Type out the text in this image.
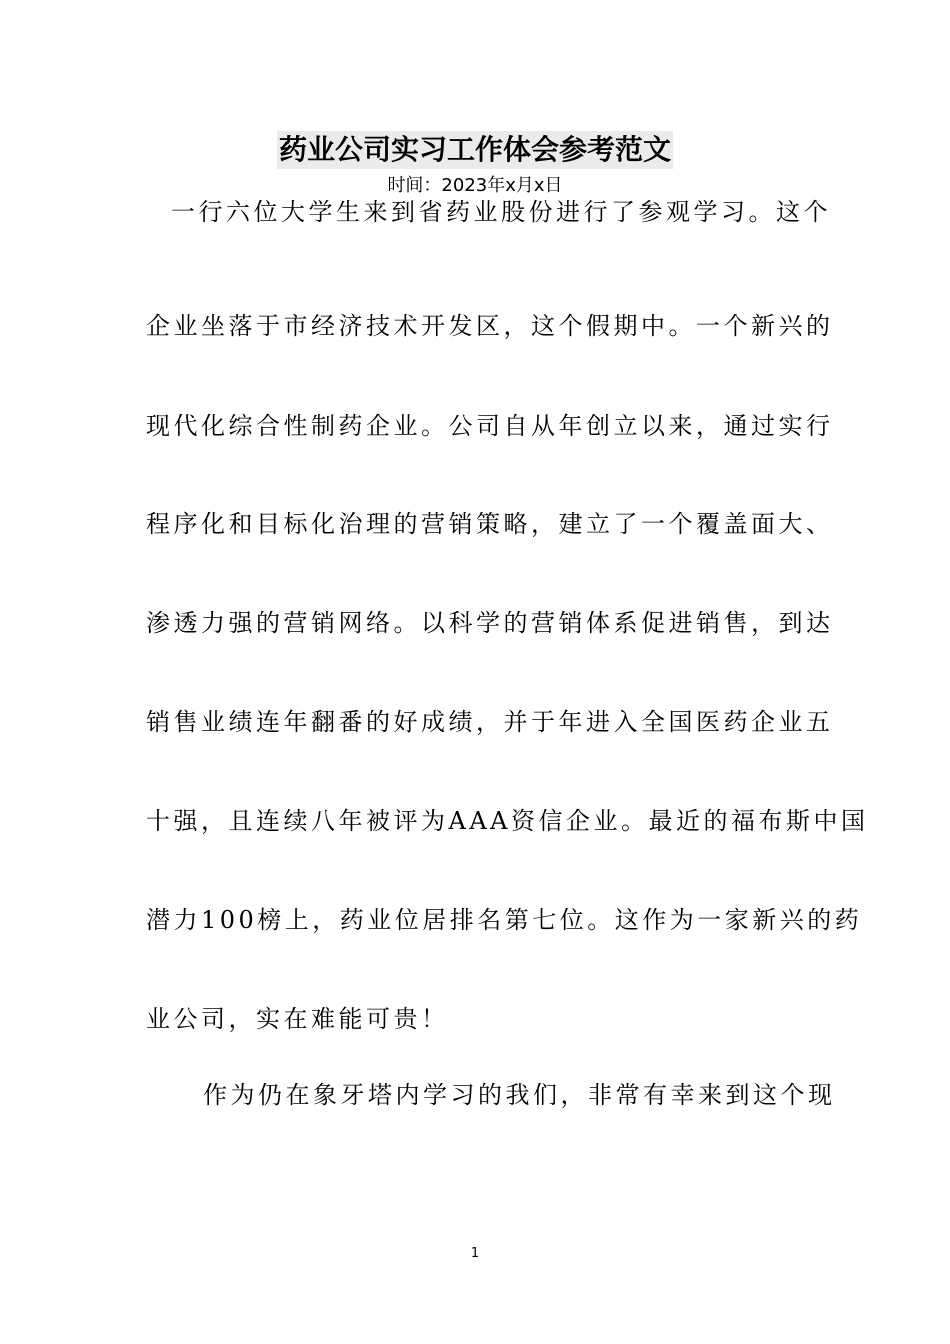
药业公司实习工作体会参考范文
时间：2023年x月x日
一行六位大学生来到省药业股份进行了参观学习。这个
企业坐落于市经济技术开发区，这个假期中。一个新兴的
现代化综合性制药企业。公司自从年创立以来，通过实行
程序化和目标化治理的营销策略，建立了一个覆盖面大、
渗透力强的营销网络。以科学的营销体系促进销售，到达
销售业绩连年翻番的好成绩，并于年进入全国医药企业五
十强，且连续八年被评为AAA资信企业。最近的福布斯中国
潜力100榜上，药业位居排名第七位。这作为一家新兴的药
业公司，实在难能可贵！
作为仍在象牙塔内学习的我们，非常有幸来到这个现
1
